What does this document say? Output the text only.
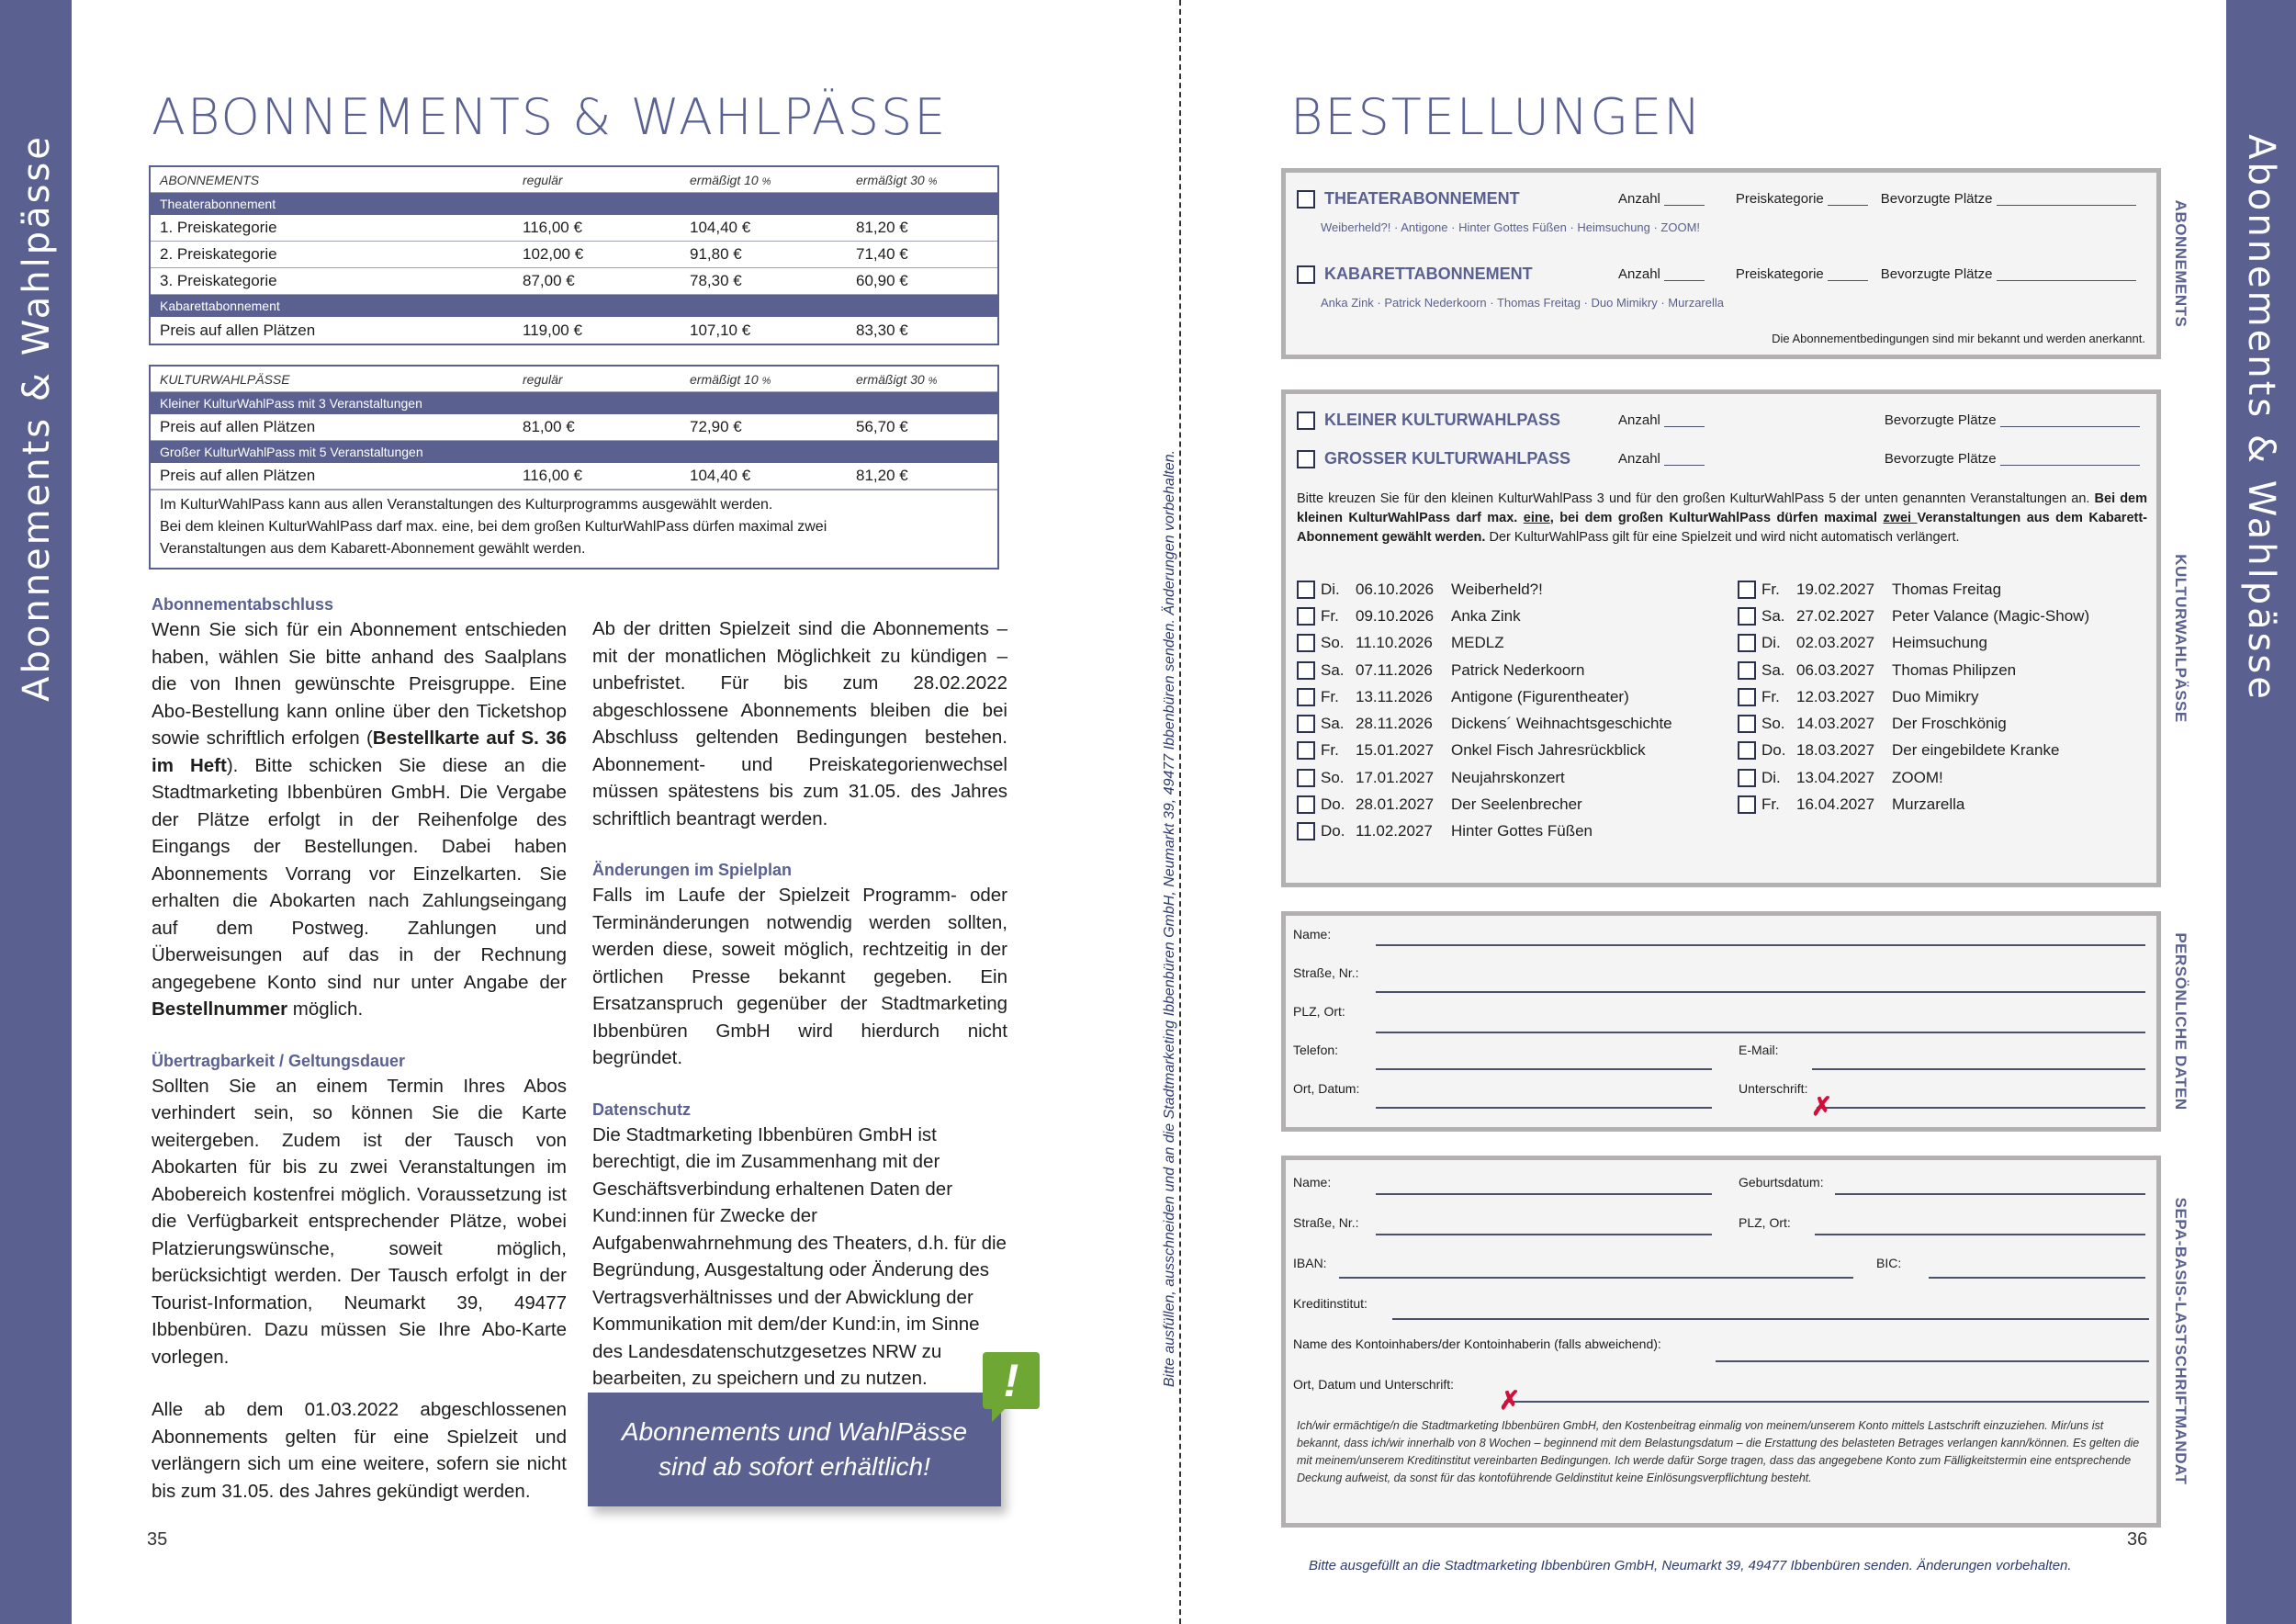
Abonnements & Wahlpässe	Abonnements & Wahlpässe
ABONNEMENTS & WAHLPÄSSE
ABONNEMENTS	regulär	ermäßigt 10 %	ermäßigt 30 %
Theaterabonnement
1. Preiskategorie	116,00 €	104,40 €	81,20 €
2. Preiskategorie	102,00 €	91,80 €	71,40 €
3. Preiskategorie	87,00 €	78,30 €	60,90 €
Kabarettabonnement
Preis auf allen Plätzen	119,00 €	107,10 €	83,30 €
KULTURWAHLPÄSSE	regulär	ermäßigt 10 %	ermäßigt 30 %
Kleiner KulturWahlPass mit 3 Veranstaltungen
Preis auf allen Plätzen	81,00 €	72,90 €	56,70 €
Großer KulturWahlPass mit 5 Veranstaltungen
Preis auf allen Plätzen	116,00 €	104,40 €	81,20 €
Im KulturWahlPass kann aus allen Veranstaltungen des Kulturprogramms ausgewählt werden.
Bei dem kleinen KulturWahlPass darf max. eine, bei dem großen KulturWahlPass dürfen maximal zwei
Veranstaltungen aus dem Kabarett-Abonnement gewählt werden.
Abonnementabschluss

Wenn Sie sich für ein Abonnement entschieden haben, wählen Sie bitte anhand des Saalplans die von Ihnen gewünschte Preisgruppe. Eine Abo-Bestellung kann online über den Ticketshop sowie schriftlich erfolgen (Bestellkarte auf S. 36 im Heft). Bitte schicken Sie diese an die Stadtmarketing Ibbenbüren GmbH. Die Vergabe der Plätze erfolgt in der Reihenfolge des Eingangs der Bestellungen. Dabei haben Abonnements Vorrang vor Einzelkarten. Sie erhalten die Abokarten nach Zahlungseingang auf dem Postweg. Zahlungen und Überweisungen auf das in der Rechnung angegebene Konto sind nur unter Angabe der Bestellnummer möglich.

Übertragbarkeit / Geltungsdauer

Sollten Sie an einem Termin Ihres Abos verhindert sein, so können Sie die Karte weitergeben. Zudem ist der Tausch von Abokarten für bis zu zwei Veranstaltungen im Abobereich kostenfrei möglich. Voraussetzung ist die Verfügbarkeit entsprechender Plätze, wobei Platzierungswünsche, soweit möglich, berücksichtigt werden. Der Tausch erfolgt in der Tourist-Information, Neumarkt 39, 49477 Ibbenbüren. Dazu müssen Sie Ihre Abo-Karte vorlegen.

Alle ab dem 01.03.2022 abgeschlossenen Abonnements gelten für eine Spielzeit und verlängern sich um eine weitere, sofern sie nicht bis zum 31.05. des Jahres gekündigt werden.

Ab der dritten Spielzeit sind die Abonnements – mit der monatlichen Möglichkeit zu kündigen – unbefristet. Für bis zum 28.02.2022 abgeschlossene Abonnements bleiben die bei Abschluss geltenden Bedingungen bestehen. Abonnement- und Preiskategorienwechsel müssen spätestens bis zum 31.05. des Jahres schriftlich beantragt werden.

Änderungen im Spielplan

Falls im Laufe der Spielzeit Programm- oder Terminänderungen notwendig werden sollten, werden diese, soweit möglich, rechtzeitig in der örtlichen Presse bekannt gegeben. Ein Ersatzanspruch gegenüber der Stadtmarketing Ibbenbüren GmbH wird hierdurch nicht begründet.

Datenschutz

Die Stadtmarketing Ibbenbüren GmbH ist berechtigt, die im Zusammenhang mit der Geschäftsverbindung erhaltenen Daten der Kund:innen für Zwecke der Aufgabenwahrnehmung des Theaters, d.h. für die Begründung, Ausgestaltung oder Änderung des Vertragsverhältnisses und der Abwicklung der Kommunikation mit dem/der Kund:in, im Sinne des Landesdatenschutzgesetzes NRW zu bearbeiten, zu speichern und zu nutzen.

Abonnements und WahlPässe
sind ab sofort erhältlich!
!
35
Bitte ausfüllen, ausschneiden und an die Stadtmarketing Ibbenbüren GmbH, Neumarkt 39, 49477 Ibbenbüren senden. Änderungen vorbehalten.
BESTELLUNGEN
THEATERABONNEMENT	Anzahl	Preiskategorie	Bevorzugte Plätze
Weiberheld?! · Antigone · Hinter Gottes Füßen · Heimsuchung · ZOOM!
KABARETTABONNEMENT	Anzahl	Preiskategorie	Bevorzugte Plätze
Anka Zink · Patrick Nederkoorn · Thomas Freitag · Duo Mimikry · Murzarella
Die Abonnementbedingungen sind mir bekannt und werden anerkannt.
ABONNEMENTS
KLEINER KULTURWAHLPASS	Anzahl	Bevorzugte Plätze
GROSSER KULTURWAHLPASS	Anzahl	Bevorzugte Plätze
Bitte kreuzen Sie für den kleinen KulturWahlPass 3 und für den großen KulturWahlPass 5 der unten genannten Veranstaltungen an. Bei dem kleinen KulturWahlPass darf max. eine, bei dem großen KulturWahlPass dürfen maximal zwei Veranstaltungen aus dem Kabarett-Abonnement gewählt werden. Der KulturWahlPass gilt für eine Spielzeit und wird nicht automatisch verlängert.
Di.	06.10.2026	Weiberheld?!
Fr.	09.10.2026	Anka Zink
So. 11.10.2026	MEDLZ
Sa. 07.11.2026	Patrick Nederkoorn
Fr.	13.11.2026	Antigone (Figurentheater)
Sa. 28.11.2026	Dickens´ Weihnachtsgeschichte
Fr.	15.01.2027	Onkel Fisch Jahresrückblick
So. 17.01.2027	Neujahrskonzert
Do. 28.01.2027	Der Seelenbrecher
Do. 11.02.2027	Hinter Gottes Füßen
Fr.	19.02.2027	Thomas Freitag
Sa. 27.02.2027	Peter Valance (Magic-Show)
Di.	02.03.2027	Heimsuchung
Sa. 06.03.2027	Thomas Philipzen
Fr.	12.03.2027	Duo Mimikry
So. 14.03.2027	Der Froschkönig
Do. 18.03.2027	Der eingebildete Kranke
Di.	13.04.2027	ZOOM!
Fr.	16.04.2027	Murzarella
KULTURWAHLPÄSSE
Name:
Straße, Nr.:
PLZ, Ort:
Telefon:	E-Mail:
Ort, Datum:	Unterschrift:
✗	PERSÖNLICHE DATEN
Name:	Geburtsdatum:
Straße, Nr.:	PLZ, Ort:
IBAN:	BIC:
Kreditinstitut:
Name des Kontoinhabers/der Kontoinhaberin (falls abweichend):
Ort, Datum und Unterschrift:
✗
Ich/wir ermächtige/n die Stadtmarketing Ibbenbüren GmbH, den Kostenbeitrag einmalig von meinem/unserem Konto mittels Lastschrift einzuziehen. Mir/uns ist bekannt, dass ich/wir innerhalb von 8 Wochen – beginnend mit dem Belastungsdatum – die Erstattung des belasteten Betrages verlangen kann/können. Es gelten die mit meinem/unserem Kreditinstitut vereinbarten Bedingungen. Ich werde dafür Sorge tragen, dass das angegebene Konto zum Fälligkeitstermin eine entsprechende Deckung aufweist, da sonst für das kontoführende Geldinstitut keine Einlösungsverpflichtung besteht.	SEPA-BASIS-LASTSCHRIFTMANDAT
36
Bitte ausgefüllt an die Stadtmarketing Ibbenbüren GmbH, Neumarkt 39, 49477 Ibbenbüren senden. Änderungen vorbehalten.
